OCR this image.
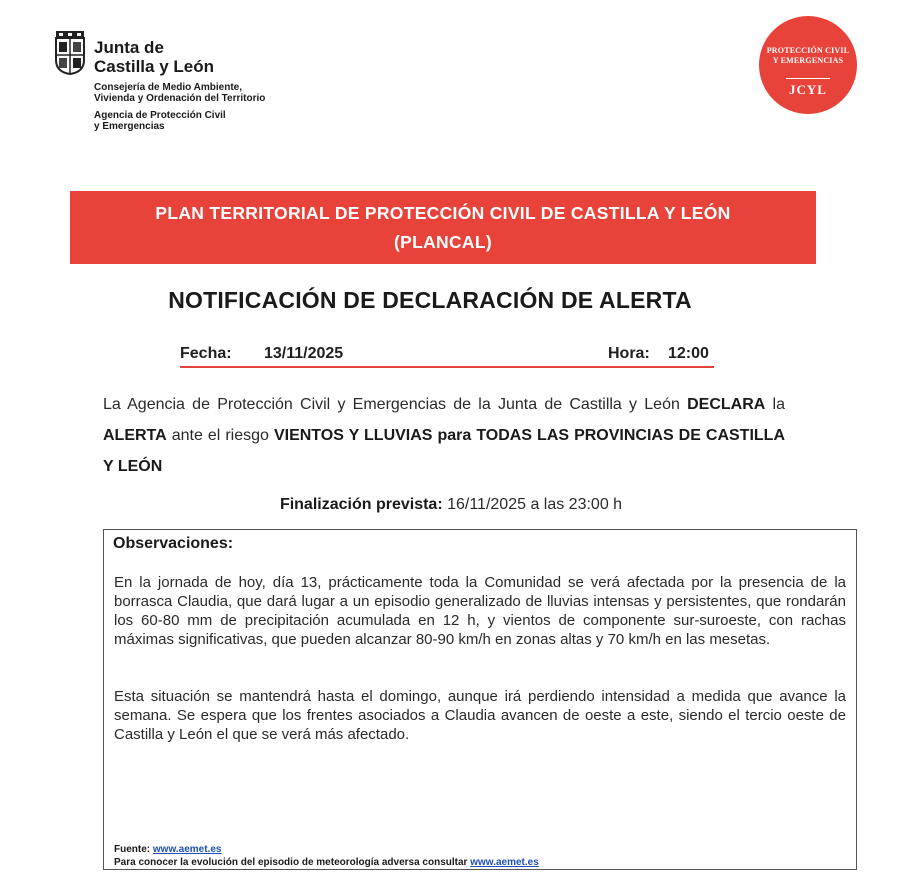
Junta de
Castilla y León
Consejería de Medio Ambiente,
Vivienda y Ordenación del Territorio
Agencia de Protección Civil
y Emergencias
PROTECCIÓN CIVIL
Y EMERGENCIAS
JCYL
PLAN TERRITORIAL DE PROTECCIÓN CIVIL DE CASTILLA Y LEÓN
(PLANCAL)
NOTIFICACIÓN DE DECLARACIÓN DE ALERTA
Fecha: 13/11/2025	Hora: 12:00
La Agencia de Protección Civil y Emergencias de la Junta de Castilla y León DECLARA la ALERTA ante el riesgo VIENTOS Y LLUVIAS para TODAS LAS PROVINCIAS DE CASTILLA Y LEÓN
Finalización prevista: 16/11/2025 a las 23:00 h
Observaciones:
En la jornada de hoy, día 13, prácticamente toda la Comunidad se verá afectada por la presencia de la borrasca Claudia, que dará lugar a un episodio generalizado de lluvias intensas y persistentes, que rondarán los 60-80 mm de precipitación acumulada en 12 h, y vientos de componente sur-suroeste, con rachas máximas significativas, que pueden alcanzar 80-90 km/h en zonas altas y 70 km/h en las mesetas.
Esta situación se mantendrá hasta el domingo, aunque irá perdiendo intensidad a medida que avance la semana. Se espera que los frentes asociados a Claudia avancen de oeste a este, siendo el tercio oeste de Castilla y León el que se verá más afectado.
Fuente: www.aemet.es
Para conocer la evolución del episodio de meteorología adversa consultar www.aemet.es
